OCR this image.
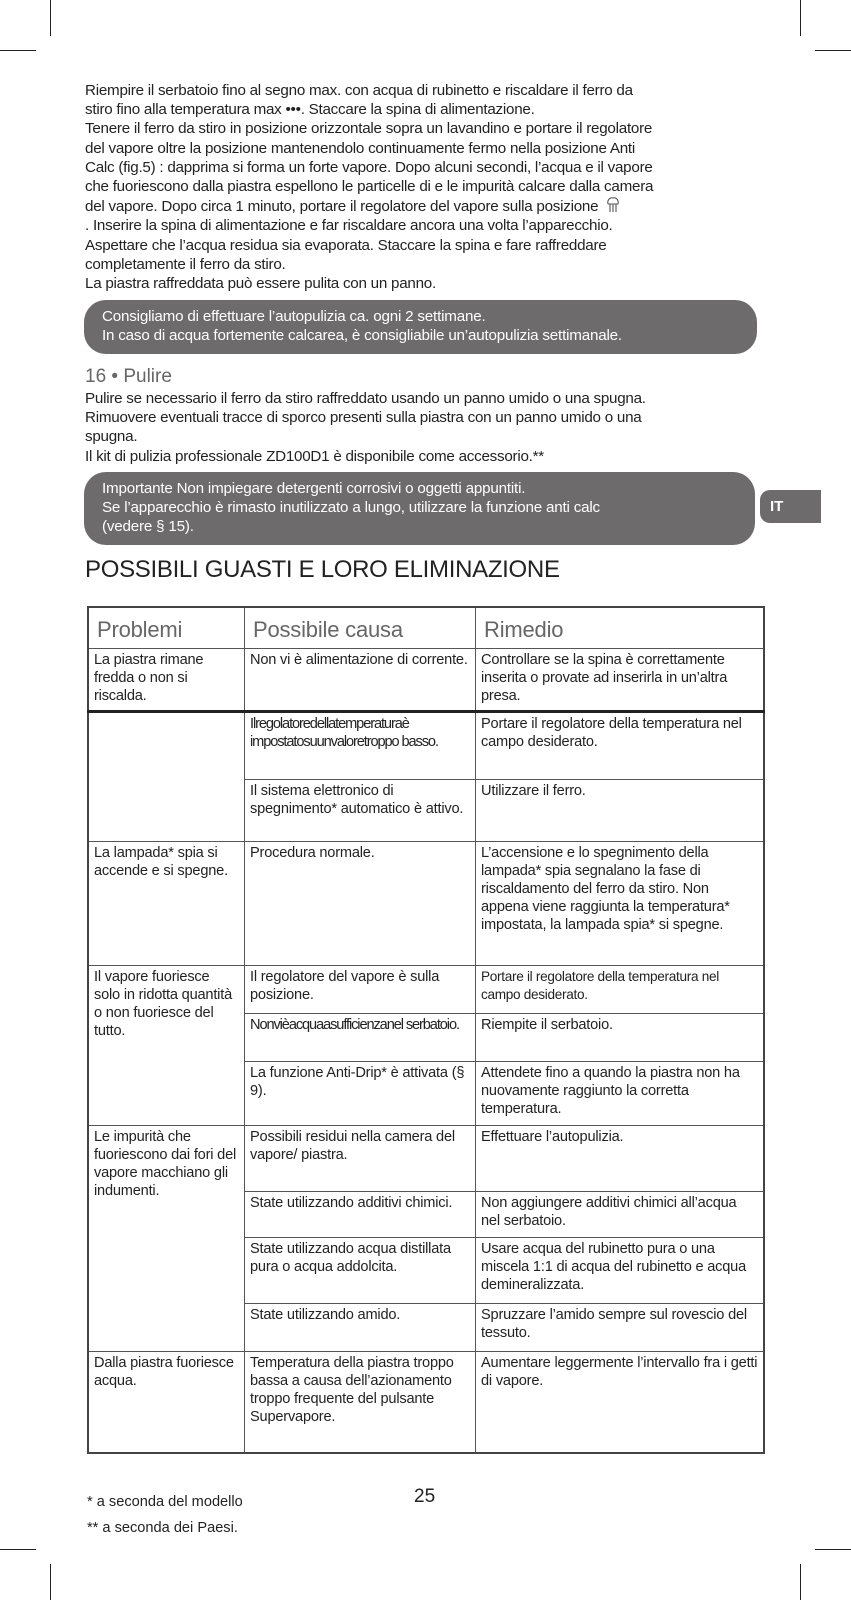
Riempire il serbatoio fino al segno max. con acqua di rubinetto e riscaldare il ferro da
stiro fino alla temperatura max •••. Staccare la spina di alimentazione.
Tenere il ferro da stiro in posizione orizzontale sopra un lavandino e portare il regolatore
del vapore oltre la posizione mantenendolo continuamente fermo nella posizione Anti
Calc (fig.5) : dapprima si forma un forte vapore. Dopo alcuni secondi, l’acqua e il vapore
che fuoriescono dalla piastra espellono le particelle di e le impurità calcare dalla camera
del vapore. Dopo circa 1 minuto, portare il regolatore del vapore sulla posizione
. Inserire la spina di alimentazione e far riscaldare ancora una volta l’apparecchio.
Aspettare che l’acqua residua sia evaporata. Staccare la spina e fare raffreddare
completamente il ferro da stiro.
La piastra raffreddata può essere pulita con un panno.
Consigliamo di effettuare l’autopulizia ca. ogni 2 settimane.
In caso di acqua fortemente calcarea, è consigliabile un’autopulizia settimanale.
16 • Pulire
Pulire se necessario il ferro da stiro raffreddato usando un panno umido o una spugna.
Rimuovere eventuali tracce di sporco presenti sulla piastra con un panno umido o una
spugna.
Il kit di pulizia professionale ZD100D1 è disponibile come accessorio.**
Importante Non impiegare detergenti corrosivi o oggetti appuntiti.
Se l’apparecchio è rimasto inutilizzato a lungo, utilizzare la funzione anti calc
(vedere § 15).
IT
POSSIBILI GUASTI E LORO ELIMINAZIONE
Problemi	Possibile causa	Rimedio
La piastra rimane fredda o non si riscalda.	Non vi è alimentazione di corrente.	Controllare se la spina è correttamente inserita o provate ad inserirla in un’altra presa.
	Ilregolatoredellatemperaturaè impostatosuunvaloretroppo basso.	Portare il regolatore della temperatura nel campo desiderato.
	Il sistema elettronico di spegnimento* automatico è attivo.	Utilizzare il ferro.
La lampada* spia si accende e si spegne.	Procedura normale.	L’accensione e lo spegnimento della lampada* spia segnalano la fase di riscaldamento del ferro da stiro. Non appena viene raggiunta la temperatura* impostata, la lampada spia* si spegne.
Il vapore fuoriesce solo in ridotta quantità o non fuoriesce del tutto.	Il regolatore del vapore è sulla posizione.	Portare il regolatore della temperatura nel campo desiderato.
	Nonvièacquaasufficienzanel serbatoio.	Riempite il serbatoio.
	La funzione Anti-Drip* è attivata (§ 9).	Attendete fino a quando la piastra non ha nuovamente raggiunto la corretta temperatura.
Le impurità che fuoriescono dai fori del vapore macchiano gli indumenti.	Possibili residui nella camera del vapore/ piastra.	Effettuare l’autopulizia.
	State utilizzando additivi chimici.	Non aggiungere additivi chimici all’acqua nel serbatoio.
	State utilizzando acqua distillata pura o acqua addolcita.	Usare acqua del rubinetto pura o una miscela 1:1 di acqua del rubinetto e acqua demineralizzata.
	State utilizzando amido.	Spruzzare l’amido sempre sul rovescio del tessuto.
Dalla piastra fuoriesce acqua.	Temperatura della piastra troppo bassa a causa dell’azionamento troppo frequente del pulsante Supervapore.	Aumentare leggermente l’intervallo fra i getti di vapore.
* a seconda del modello
** a seconda dei Paesi.
25
